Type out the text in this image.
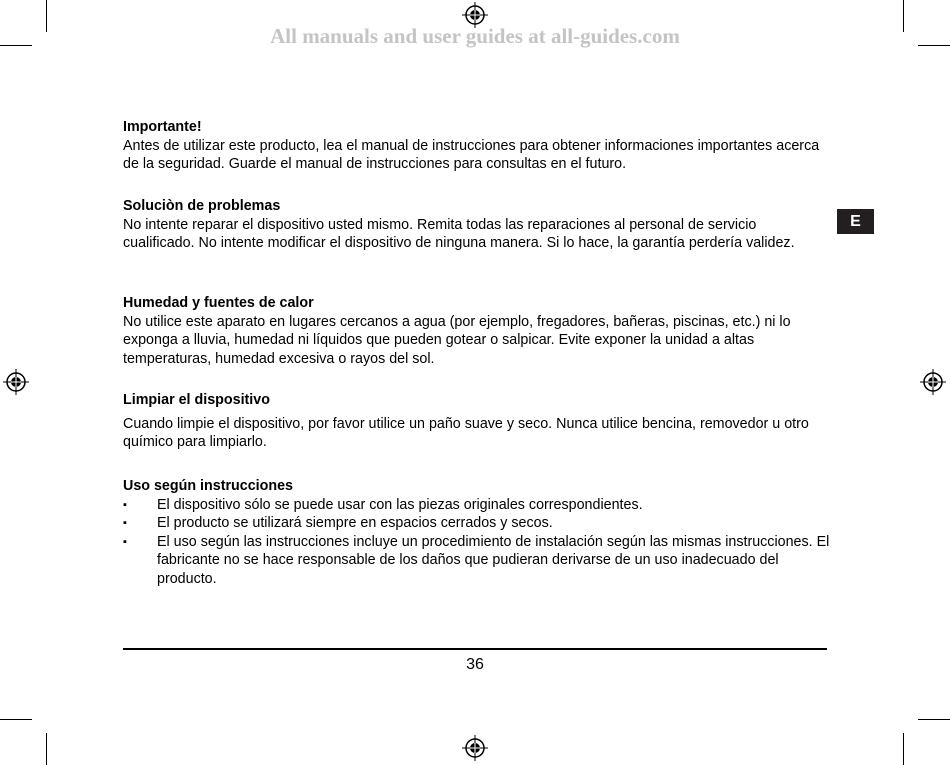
All manuals and user guides at all-guides.com
E
Importante!

Antes de utilizar este producto, lea el manual de instrucciones para obtener informaciones importantes acerca de la seguridad. Guarde el manual de instrucciones para consultas en el futuro.

Soluciòn de problemas

No intente reparar el dispositivo usted mismo. Remita todas las reparaciones al personal de servicio cualificado. No intente modificar el dispositivo de ninguna manera. Si lo hace, la garantía perdería validez.

Humedad y fuentes de calor

No utilice este aparato en lugares cercanos a agua (por ejemplo, fregadores, bañeras, piscinas, etc.) ni lo exponga a lluvia, humedad ni líquidos que pueden gotear o salpicar. Evite exponer la unidad a altas temperaturas, humedad excesiva o rayos del sol.

Limpiar el dispositivo

Cuando limpie el dispositivo, por favor utilice un paño suave y seco. Nunca utilice bencina, removedor u otro químico para limpiarlo.

Uso según instrucciones
▪ El dispositivo sólo se puede usar con las piezas originales correspondientes.
▪ El producto se utilizará siempre en espacios cerrados y secos.
▪ El uso según las instrucciones incluye un procedimiento de instalación según las mismas instrucciones. El fabricante no se hace responsable de los daños que pudieran derivarse de un uso inadecuado del producto.
36
